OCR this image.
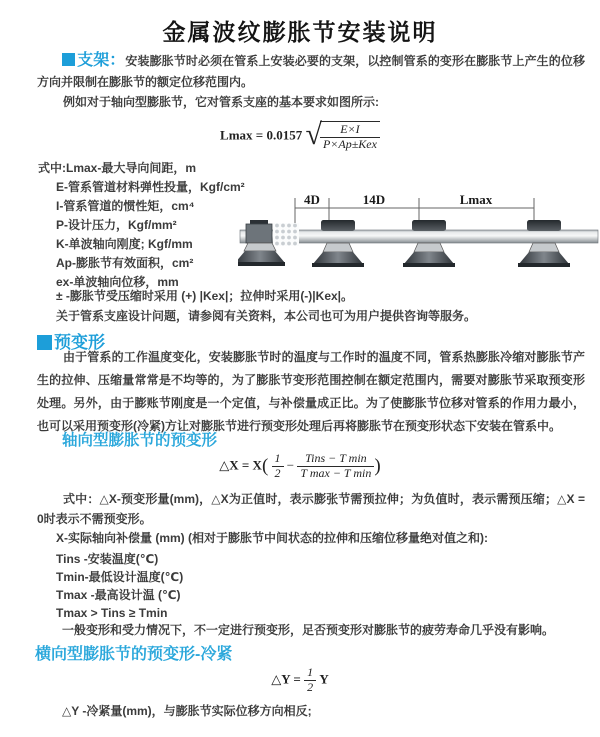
金属波纹膨胀节安装说明

支架：安装膨胀节时必须在管系上安装必要的支架，以控制管系的变形在膨胀节上产生的位移方向并限制在膨胀节的额定位移范围内。

例如对于轴向型膨胀节，它对管系支座的基本要求如图所示:
Lmax = 0.0157 √
$\frac{E\times I}{\text{P×Ap±Kex}}$
式中:Lmax-最大导向间距，m
E-管系管道材料弹性投量，Kgf/cm²
I-管系管道的惯性矩，cm⁴
P-设计压力，Kgf/mm²
K-单波轴向刚度; Kgf/mm
Ap-膨胀节有效面积，cm²
ex-单波轴向位移，mm
4D	14D	Lmax
± -膨胀节受压缩时采用 (+) |Kex|；拉伸时采用(-)|Kex|。
关于管系支座设计问题，请参阅有关资料，本公司也可为用户提供咨询等服务。
预变形

由于管系的工作温度变化，安装膨胀节时的温度与工作时的温度不同，管系热膨胀冷缩对膨胀节产生的拉伸、压缩量常常是不均等的，为了膨胀节变形范围控制在额定范围内，需要对膨胀节采取预变形处理。另外，由于膨账节刚度是一个定值，与补偿量成正比。为了使膨胀节位移对管系的作用力最小，也可以采用预变形(冷紧)方让对膨胀节进行预变形处理后再将膨胀节在预变形状态下安装在管系中。

轴向型膨胀节的预变形
△X = $X( \frac{1}{2} - \frac{\text{Tins − T min}}{\text{T max − T min}}$ )

式中：△X-预变形量(mm)，△X为正值时，表示膨张节需预拉伸；为负值时，表示需预压缩；△X = 0时表示不需预变形。

X-实际轴向补偿量 (mm) (相对于膨胀节中间状态的拉伸和压缩位移量绝对值之和):
Tins -安装温度(℃)
Tmin-最低设计温度(℃)
Tmax -最高设计温 (℃)
Tmax > Tins ≥ Tmin
一般变形和受力情况下，不一定进行预变形，足否预变形对膨胀节的疲劳寿命几乎没有影响。
横向型膨胀节的预变形-冷紧
△Y = $\frac{1}{2}$ Y
△Y -冷紧量(mm)，与膨胀节实际位移方向相反;
